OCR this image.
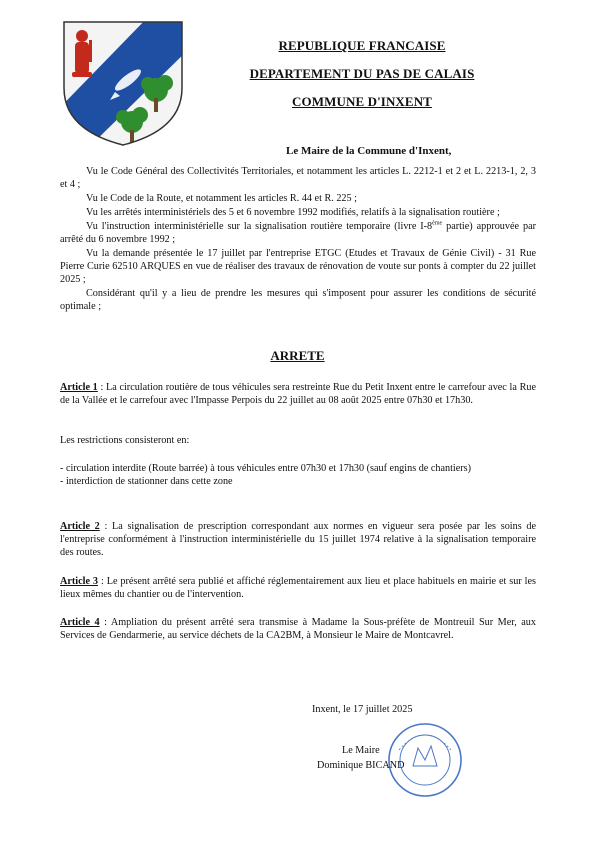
REPUBLIQUE FRANCAISE
DEPARTEMENT DU PAS DE CALAIS
COMMUNE D'INXENT
Le Maire de la Commune d'Inxent,

Vu le Code Général des Collectivités Territoriales, et notamment les articles L. 2212-1 et 2 et L. 2213-1, 2, 3 et 4 ;

Vu le Code de la Route, et notamment les articles R. 44 et R. 225 ;

Vu les arrêtés interministériels des 5 et 6 novembre 1992 modifiés, relatifs à la signalisation routière ;

Vu l'instruction interministérielle sur la signalisation routière temporaire (livre I-8ème partie) approuvée par arrêté du 6 novembre 1992 ;

Vu la demande présentée le 17 juillet par l'entreprise ETGC (Etudes et Travaux de Génie Civil) - 31 Rue Pierre Curie 62510 ARQUES en vue de réaliser des travaux de rénovation de voute sur ponts à compter du 22 juillet 2025 ;

Considérant qu'il y a lieu de prendre les mesures qui s'imposent pour assurer les conditions de sécurité optimale ;

ARRETE
Article 1 : La circulation routière de tous véhicules sera restreinte Rue du Petit Inxent entre le carrefour avec la Rue de la Vallée et le carrefour avec l'Impasse Perpois du 22 juillet au 08 août 2025 entre 07h30 et 17h30.
Les restrictions consisteront en:
- circulation interdite (Route barrée) à tous véhicules entre 07h30 et 17h30 (sauf engins de chantiers)
- interdiction de stationner dans cette zone
Article 2 : La signalisation de prescription correspondant aux normes en vigueur sera posée par les soins de l'entreprise conformément à l'instruction interministérielle du 15 juillet 1974 relative à la signalisation temporaire des routes.
Article 3 : Le présent arrêté sera publié et affiché réglementairement aux lieu et place habituels en mairie et sur les lieux mêmes du chantier ou de l'intervention.
Article 4 : Ampliation du présent arrêté sera transmise à Madame la Sous-préfète de Montreuil Sur Mer, aux Services de Gendarmerie, au service déchets de la CA2BM, à Monsieur le Maire de Montcavrel.
Inxent, le 17 juillet 2025
Le Maire
Dominique BICAND
